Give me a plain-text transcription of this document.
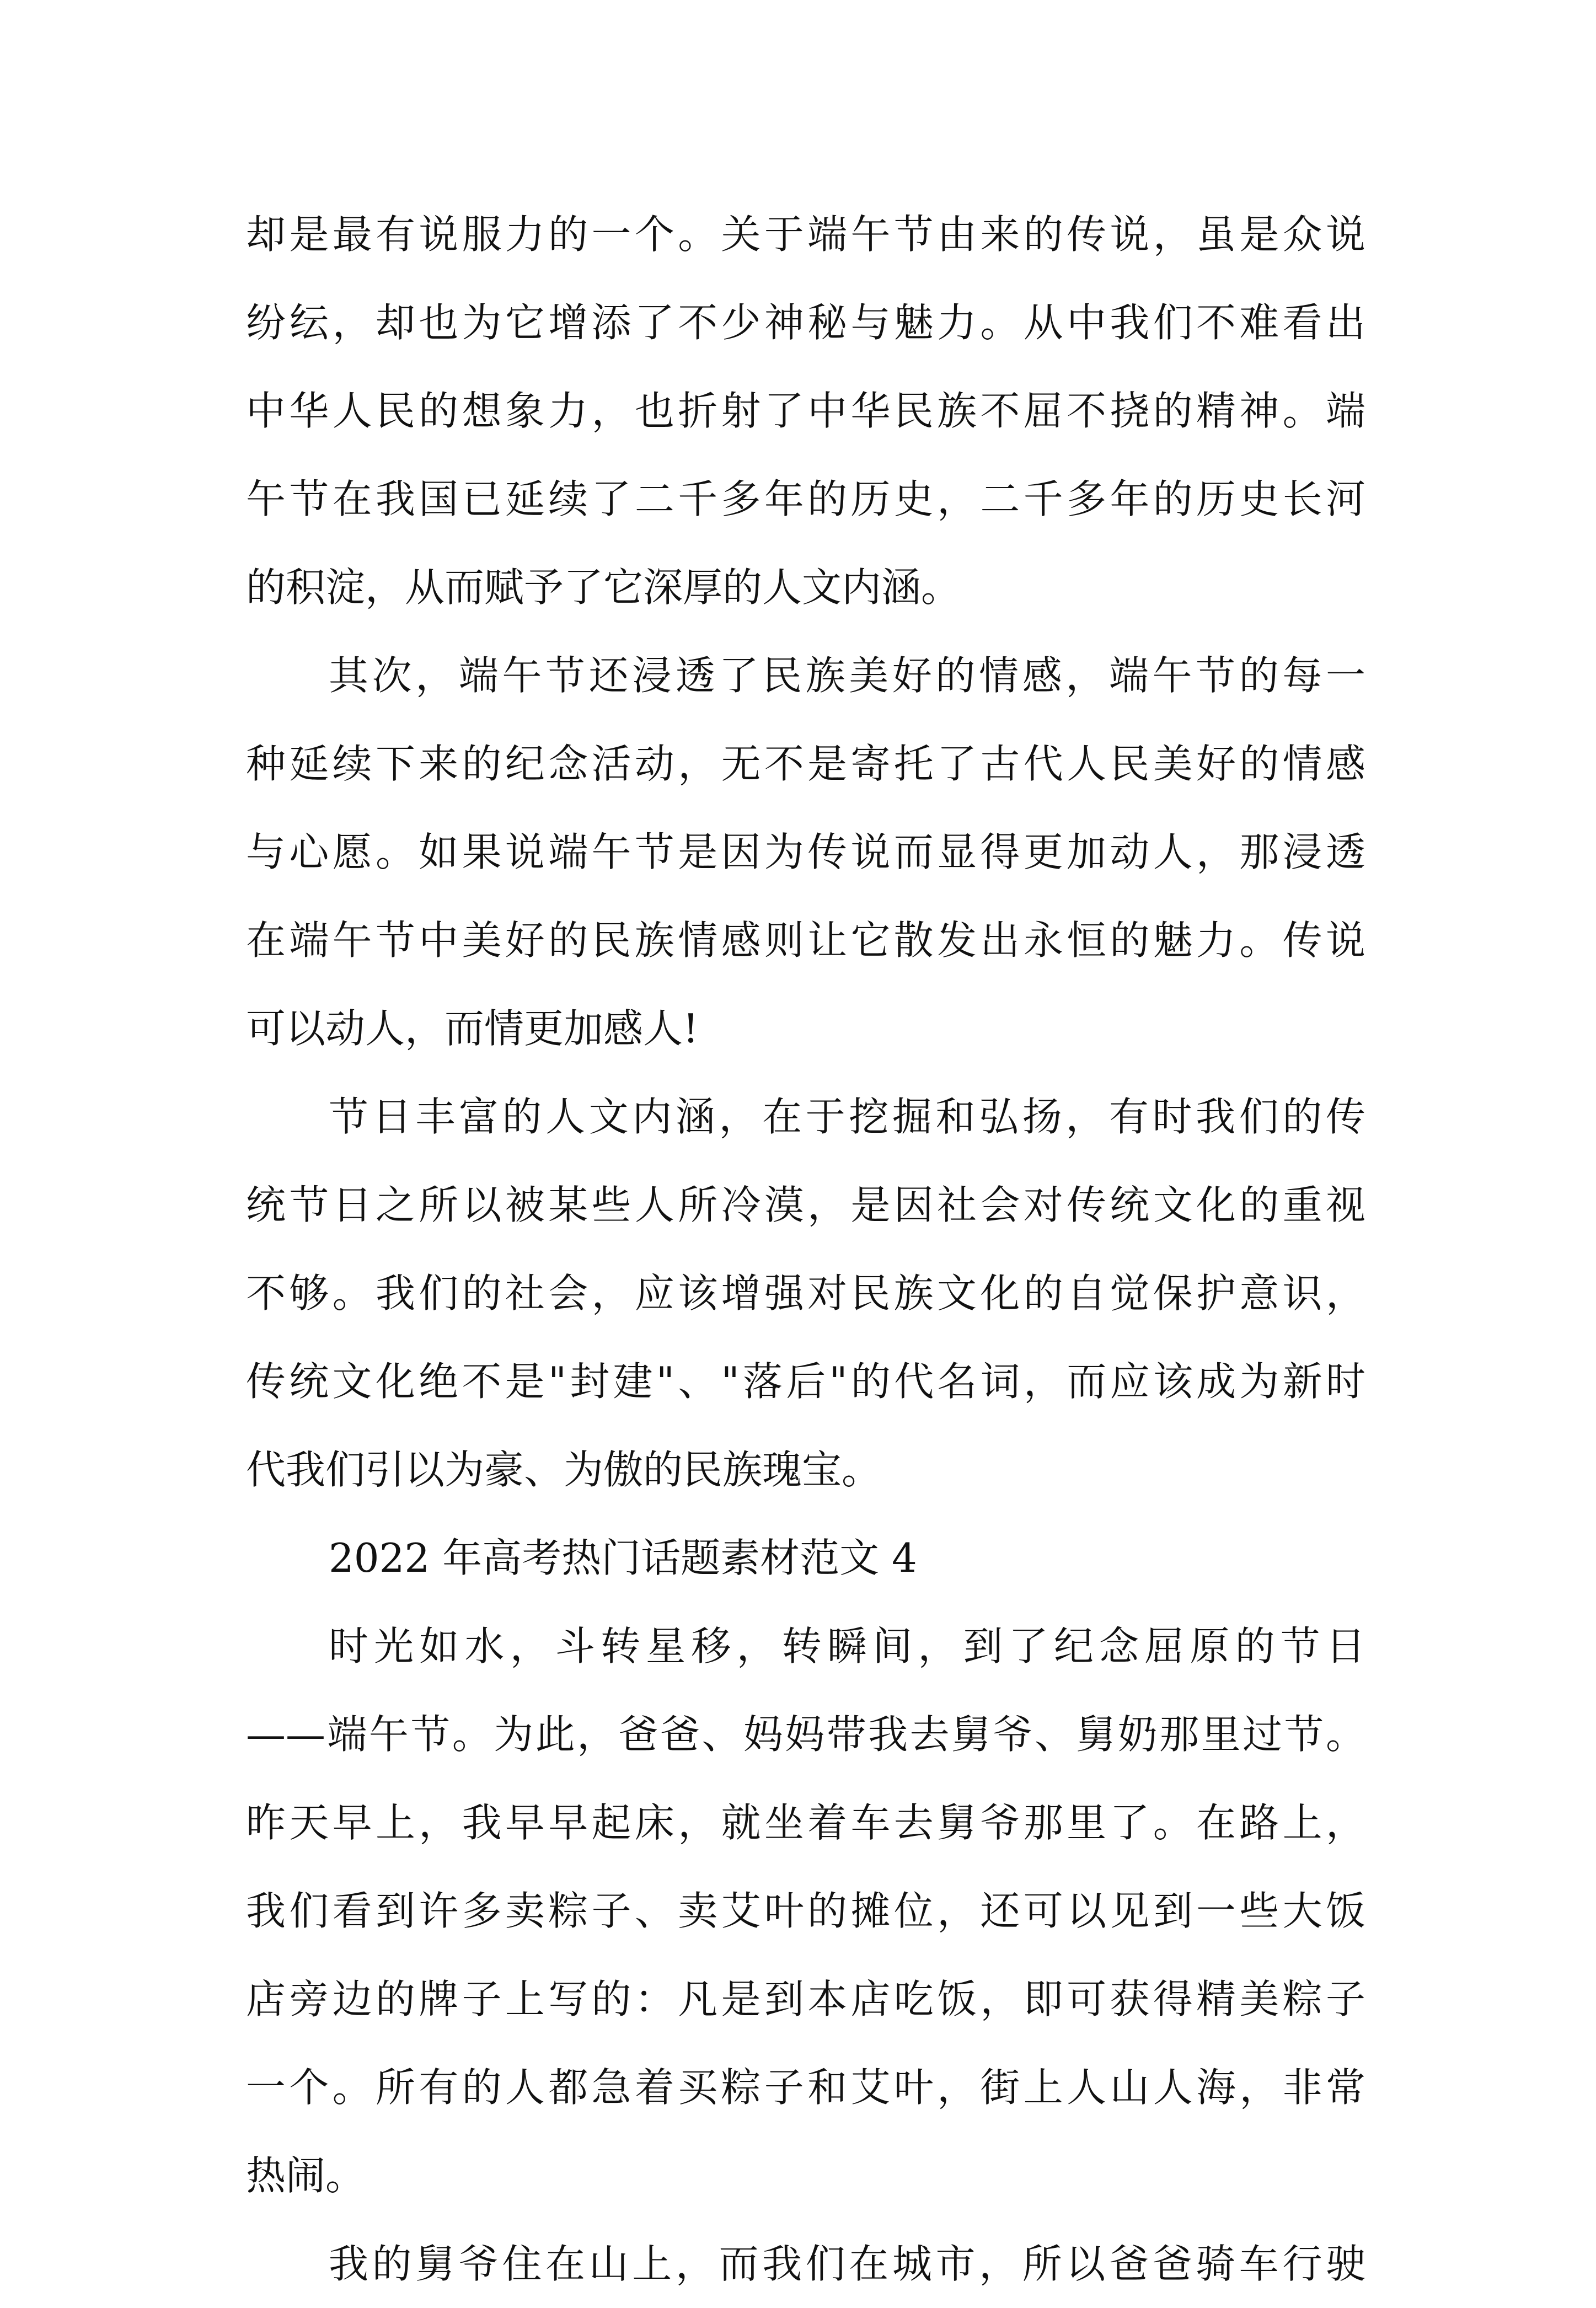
却是最有说服力的一个。关于端午节由来的传说，虽是众说
纷纭，却也为它增添了不少神秘与魅力。从中我们不难看出
中华人民的想象力，也折射了中华民族不屈不挠的精神。端
午节在我国已延续了二千多年的历史，二千多年的历史长河
的积淀，从而赋予了它深厚的人文内涵。
其次，端午节还浸透了民族美好的情感，端午节的每一
种延续下来的纪念活动，无不是寄托了古代人民美好的情感
与心愿。如果说端午节是因为传说而显得更加动人，那浸透
在端午节中美好的民族情感则让它散发出永恒的魅力。传说
可以动人，而情更加感人!
节日丰富的人文内涵，在于挖掘和弘扬，有时我们的传
统节日之所以被某些人所冷漠，是因社会对传统文化的重视
不够。我们的社会，应该增强对民族文化的自觉保护意识，
传统文化绝不是"封建"、"落后"的代名词，而应该成为新时
代我们引以为豪、为傲的民族瑰宝。
2022 年高考热门话题素材范文 4
时光如水，斗转星移，转瞬间，到了纪念屈原的节日
——端午节。为此，爸爸、妈妈带我去舅爷、舅奶那里过节。
昨天早上，我早早起床，就坐着车去舅爷那里了。在路上，
我们看到许多卖粽子、卖艾叶的摊位，还可以见到一些大饭
店旁边的牌子上写的：凡是到本店吃饭，即可获得精美粽子
一个。所有的人都急着买粽子和艾叶，街上人山人海，非常
热闹。
我的舅爷住在山上，而我们在城市，所以爸爸骑车行驶
